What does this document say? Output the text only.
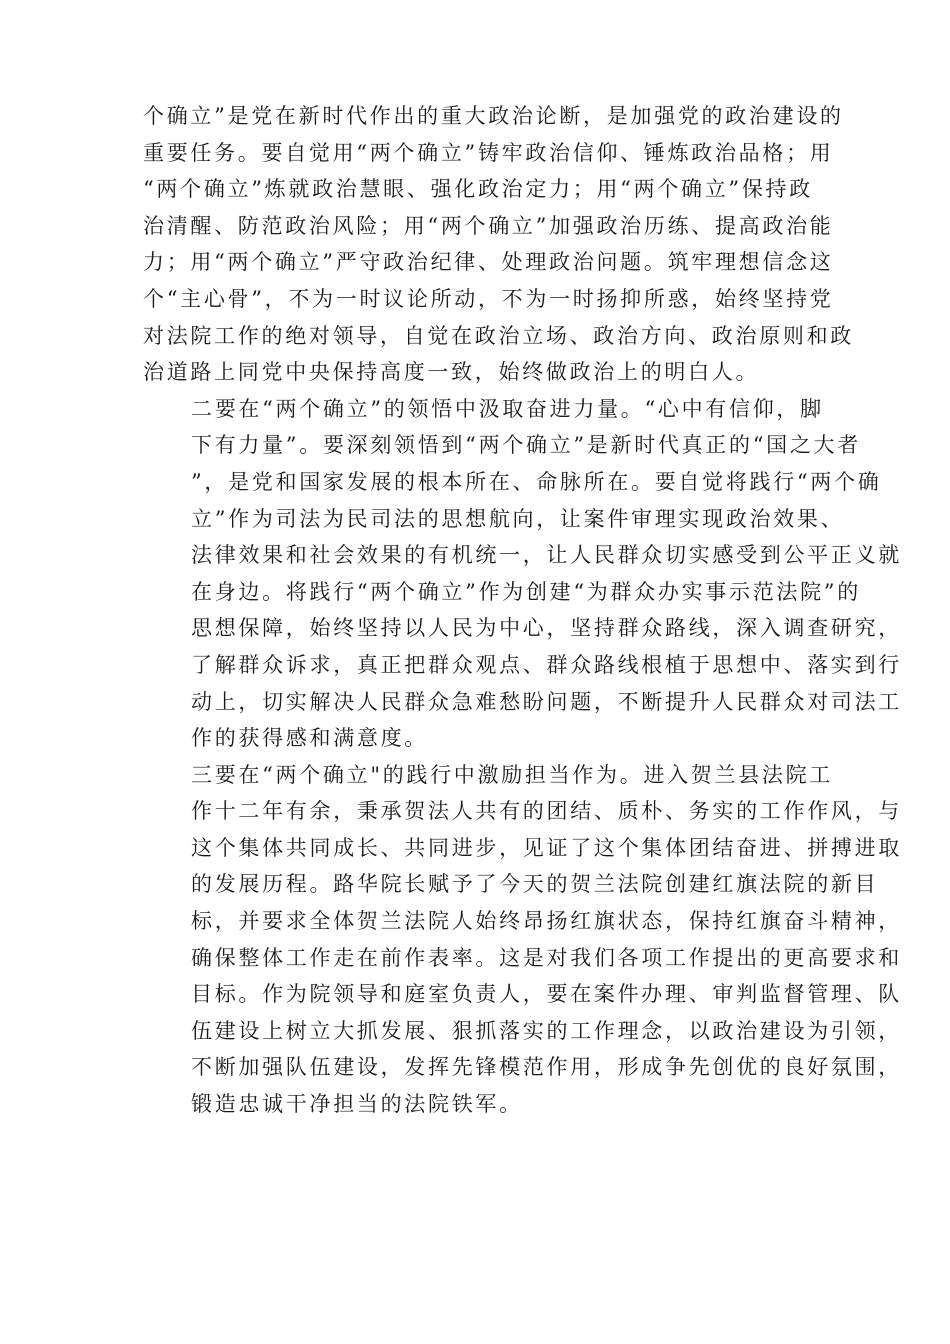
个确立”是党在新时代作出的重大政治论断，是加强党的政治建设的
重要任务。要自觉用“两个确立”铸牢政治信仰、锤炼政治品格；用
“两个确立”炼就政治慧眼、强化政治定力；用“两个确立”保持政
治清醒、防范政治风险；用“两个确立”加强政治历练、提高政治能
力；用“两个确立”严守政治纪律、处理政治问题。筑牢理想信念这
个“主心骨”，不为一时议论所动，不为一时扬抑所惑，始终坚持党
对法院工作的绝对领导，自觉在政治立场、政治方向、政治原则和政
治道路上同党中央保持高度一致，始终做政治上的明白人。
二要在“两个确立”的领悟中汲取奋进力量。“心中有信仰，脚
下有力量”。要深刻领悟到“两个确立”是新时代真正的“国之大者
”，是党和国家发展的根本所在、命脉所在。要自觉将践行“两个确
立”作为司法为民司法的思想航向，让案件审理实现政治效果、
法律效果和社会效果的有机统一，让人民群众切实感受到公平正义就
在身边。将践行“两个确立”作为创建“为群众办实事示范法院”的
思想保障，始终坚持以人民为中心，坚持群众路线，深入调查研究，
了解群众诉求，真正把群众观点、群众路线根植于思想中、落实到行
动上，切实解决人民群众急难愁盼问题，不断提升人民群众对司法工
作的获得感和满意度。
三要在“两个确立"的践行中激励担当作为。进入贺兰县法院工
作十二年有余，秉承贺法人共有的团结、质朴、务实的工作作风，与
这个集体共同成长、共同进步，见证了这个集体团结奋进、拼搏进取
的发展历程。路华院长赋予了今天的贺兰法院创建红旗法院的新目
标，并要求全体贺兰法院人始终昂扬红旗状态，保持红旗奋斗精神，
确保整体工作走在前作表率。这是对我们各项工作提出的更高要求和
目标。作为院领导和庭室负责人，要在案件办理、审判监督管理、队
伍建设上树立大抓发展、狠抓落实的工作理念，以政治建设为引领，
不断加强队伍建设，发挥先锋模范作用，形成争先创优的良好氛围，
锻造忠诚干净担当的法院铁军。
